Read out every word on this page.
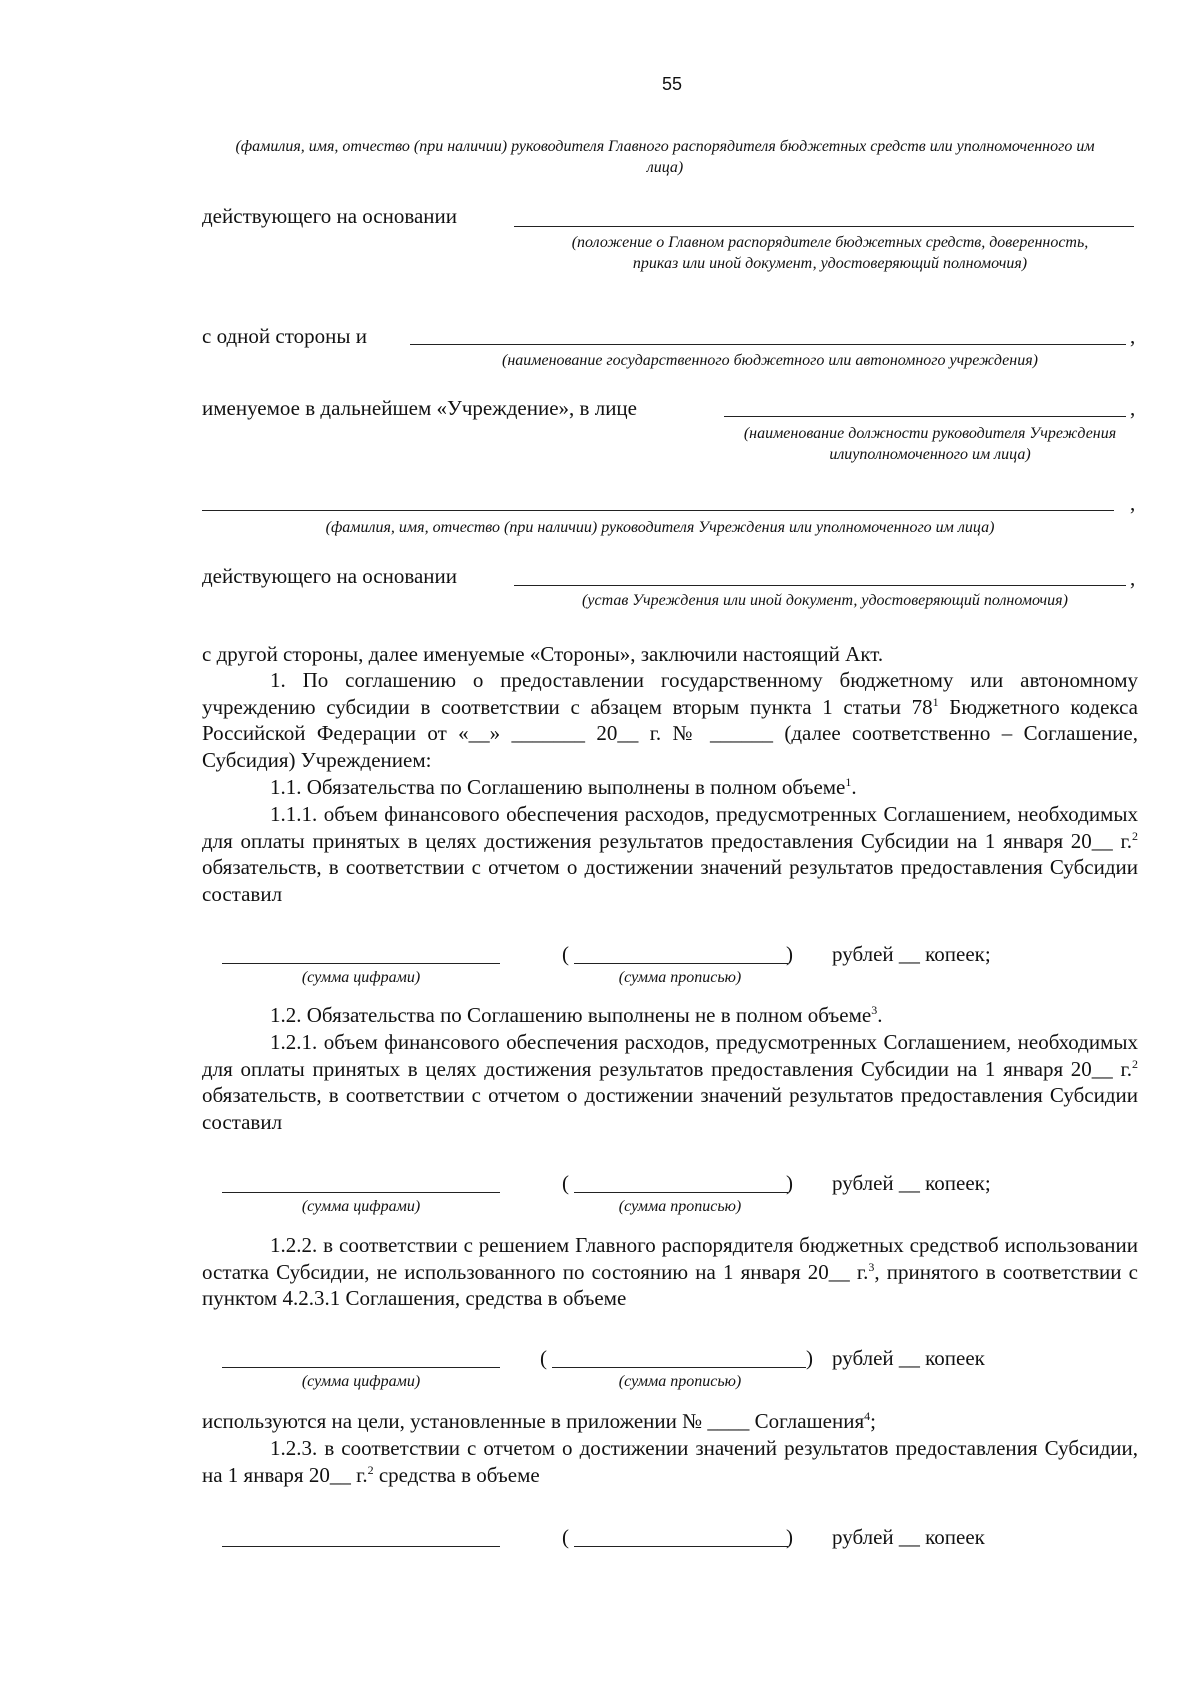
55
(фамилия, имя, отчество (при наличии) руководителя Главного распорядителя бюджетных средств или уполномоченного им лица)
действующего на основании
(положение о Главном распорядителе бюджетных средств, доверенность, приказ или иной документ, удостоверяющий полномочия)
с одной стороны и	,
(наименование государственного бюджетного или автономного учреждения)
именуемое в дальнейшем «Учреждение», в лице	,
(наименование должности руководителя Учреждения илиуполномоченного им лица)
,
(фамилия, имя, отчество (при наличии) руководителя Учреждения или уполномоченного им лица)
действующего на основании	,
(устав Учреждения или иной документ, удостоверяющий полномочия)
с другой стороны, далее именуемые «Стороны», заключили настоящий Акт.
1. По соглашению о предоставлении государственному бюджетному или автономному учреждению субсидии в соответствии с абзацем вторым пункта 1 статьи $78^1$ Бюджетного кодекса Российской Федерации от «__» _______ 20__ г. № ______ (далее соответственно – Соглашение, Субсидия) Учреждением:
1.1. Обязательства по Соглашению выполнены в полном объеме$^1$.
1.1.1. объем финансового обеспечения расходов, предусмотренных Соглашением, необходимых для оплаты принятых в целях достижения результатов предоставления Субсидии на 1 января 20__ г.$^2$ обязательств, в соответствии с отчетом о достижении значений результатов предоставления Субсидии составил
(	) рублей __ копеек;
(сумма цифрами)	(сумма прописью)
(	) рублей __ копеек;
(сумма цифрами)	(сумма прописью)
(	) рублей __ копеек
(сумма цифрами)	(сумма прописью)
(	) рублей __ копеек
1.2. Обязательства по Соглашению выполнены не в полном объеме$^3$.
1.2.1. объем финансового обеспечения расходов, предусмотренных Соглашением, необходимых для оплаты принятых в целях достижения результатов предоставления Субсидии на 1 января 20__ г.$^2$ обязательств, в соответствии с отчетом о достижении значений результатов предоставления Субсидии составил
1.2.2. в соответствии с решением Главного распорядителя бюджетных средствоб использовании остатка Субсидии, не использованного по состоянию на 1 января 20__ г.$^3$, принятого в соответствии с пунктом 4.2.3.1 Соглашения, средства в объеме
используются на цели, установленные в приложении № ____ Соглашения$^4$;
1.2.3. в соответствии с отчетом о достижении значений результатов предоставления Субсидии, на 1 января 20__ г.$^2$ средства в объеме
